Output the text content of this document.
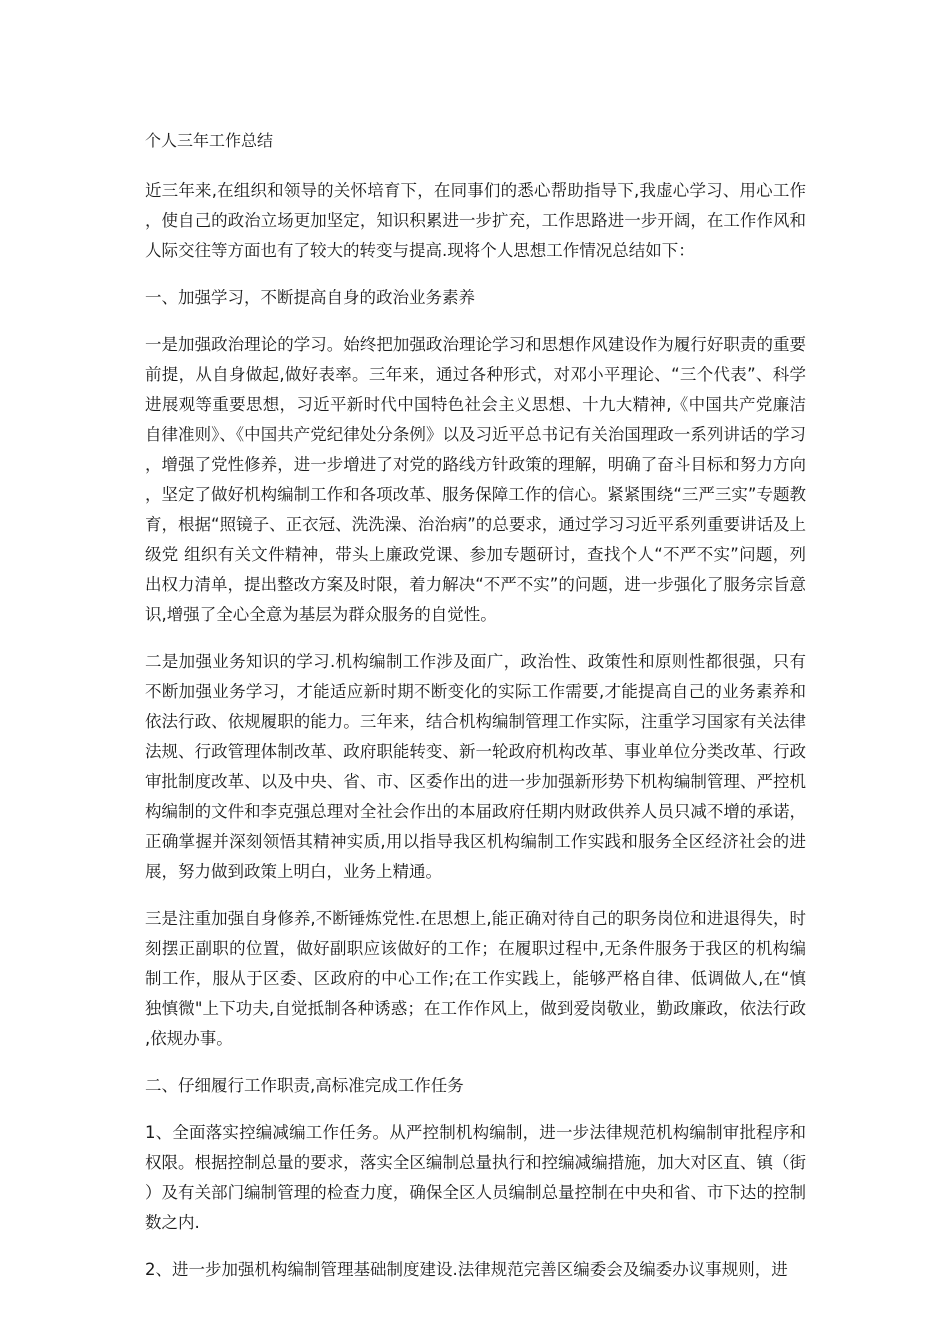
个人三年工作总结

近三年来,在组织和领导的关怀培育下，在同事们的悉心帮助指导下,我虚心学习、用心工作，使自己的政治立场更加坚定，知识积累进一步扩充，工作思路进一步开阔，在工作作风和人际交往等方面也有了较大的转变与提高.现将个人思想工作情况总结如下：

一、加强学习，不断提高自身的政治业务素养

一是加强政治理论的学习。始终把加强政治理论学习和思想作风建设作为履行好职责的重要前提，从自身做起,做好表率。三年来，通过各种形式，对邓小平理论、“三个代表”、科学进展观等重要思想，习近平新时代中国特色社会主义思想、十九大精神,《中国共产党廉洁自律准则》、《中国共产党纪律处分条例》以及习近平总书记有关治国理政一系列讲话的学习，增强了党性修养，进一步增进了对党的路线方针政策的理解，明确了奋斗目标和努力方向，坚定了做好机构编制工作和各项改革、服务保障工作的信心。紧紧围绕“三严三实”专题教育，根据“照镜子、正衣冠、洗洗澡、治治病”的总要求，通过学习习近平系列重要讲话及上级党 组织有关文件精神，带头上廉政党课、参加专题研讨，查找个人“不严不实”问题，列出权力清单，提出整改方案及时限，着力解决“不严不实”的问题，进一步强化了服务宗旨意识,增强了全心全意为基层为群众服务的自觉性。

二是加强业务知识的学习.机构编制工作涉及面广，政治性、政策性和原则性都很强，只有不断加强业务学习，才能适应新时期不断变化的实际工作需要,才能提高自己的业务素养和依法行政、依规履职的能力。三年来，结合机构编制管理工作实际，注重学习国家有关法律法规、行政管理体制改革、政府职能转变、新一轮政府机构改革、事业单位分类改革、行政审批制度改革、以及中央、省、市、区委作出的进一步加强新形势下机构编制管理、严控机构编制的文件和李克强总理对全社会作出的本届政府任期内财政供养人员只减不增的承诺，正确掌握并深刻领悟其精神实质,用以指导我区机构编制工作实践和服务全区经济社会的进展，努力做到政策上明白，业务上精通。

三是注重加强自身修养,不断锤炼党性.在思想上,能正确对待自己的职务岗位和进退得失，时刻摆正副职的位置，做好副职应该做好的工作；在履职过程中,无条件服务于我区的机构编制工作，服从于区委、区政府的中心工作;在工作实践上，能够严格自律、低调做人,在“慎独慎微"上下功夫,自觉抵制各种诱惑；在工作作风上，做到爱岗敬业，勤政廉政，依法行政,依规办事。

二、仔细履行工作职责,高标准完成工作任务

1、全面落实控编减编工作任务。从严控制机构编制，进一步法律规范机构编制审批程序和权限。根据控制总量的要求，落实全区编制总量执行和控编减编措施，加大对区直、镇（街）及有关部门编制管理的检查力度，确保全区人员编制总量控制在中央和省、市下达的控制数之内.

2、进一步加强机构编制管理基础制度建设.法律规范完善区编委会及编委办议事规则，进
